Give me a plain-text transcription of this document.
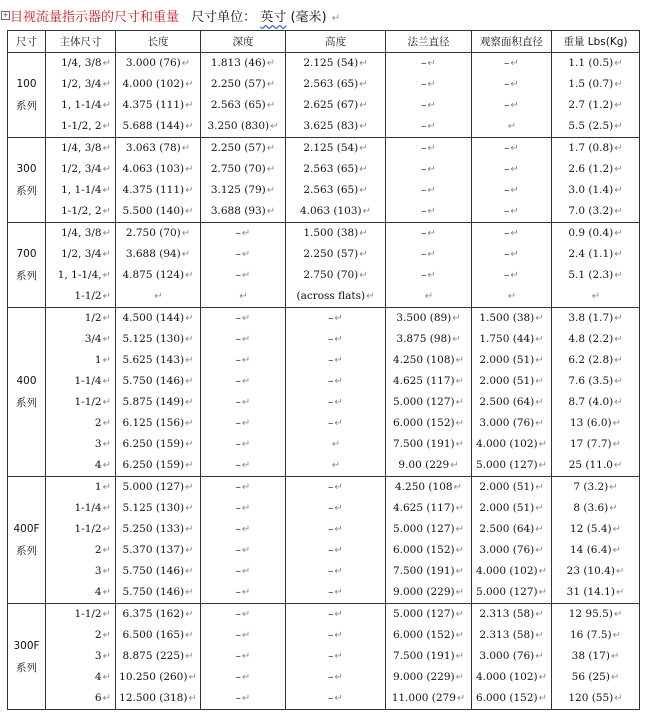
+ 目视流量指示器的尺寸和重量 尺寸单位： 英寸 (毫米) ↵
尺寸	主体尺寸	长度	深度	高度	法兰直径	观察面积直径	重量 Lbs(Kg)
100
系列	1/4, 3/8↵	3.000 (76)↵	1.813 (46)↵	2.125 (54)↵	–↵	–↵	1.1 (0.5)↵
	1/2, 3/4↵	4.000 (102)↵	2.250 (57)↵	2.563 (65)↵	–↵	–↵	1.5 (0.7)↵
	1, 1-1/4↵	4.375 (111)↵	2.563 (65)↵	2.625 (67)↵	–↵	–↵	2.7 (1.2)↵
	1-1/2, 2↵	5.688 (144)↵	3.250 (830)↵	3.625 (83)↵	–↵	↵	5.5 (2.5)↵
300
系列	1/4, 3/8↵	3.063 (78)↵	2.250 (57)↵	2.125 (54)↵	–↵	–↵	1.7 (0.8)↵
	1/2, 3/4↵	4.063 (103)↵	2.750 (70)↵	2.563 (65)↵	–↵	–↵	2.6 (1.2)↵
	1, 1-1/4↵	4.375 (111)↵	3.125 (79)↵	2.563 (65)↵	–↵	–↵	3.0 (1.4)↵
	1-1/2, 2↵	5.500 (140)↵	3.688 (93)↵	4.063 (103)↵	–↵	–↵	7.0 (3.2)↵
700
系列	1/4, 3/8↵	2.750 (70)↵	–↵	1.500 (38)↵	–↵	–↵	0.9 (0.4)↵
	1/2, 3/4↵	3.688 (94)↵	–↵	2.250 (57)↵	–↵	–↵	2.4 (1.1)↵
	1, 1-1/4,↵	4.875 (124)↵	–↵	2.750 (70)↵	–↵	–↵	5.1 (2.3)↵
	1-1/2↵	↵	↵	(across flats)↵	↵	↵	↵
400
系列	1/2↵	4.500 (144)↵	–↵	–↵	3.500 (89)↵	1.500 (38)↵	3.8 (1.7)↵
	3/4↵	5.125 (130)↵	–↵	–↵	3.875 (98)↵	1.750 (44)↵	4.8 (2.2)↵
	1↵	5.625 (143)↵	–↵	–↵	4.250 (108)↵	2.000 (51)↵	6.2 (2.8)↵
	1-1/4↵	5.750 (146)↵	–↵	–↵	4.625 (117)↵	2.000 (51)↵	7.6 (3.5)↵
	1-1/2↵	5.875 (149)↵	–↵	–↵	5.000 (127)↵	2.500 (64)↵	8.7 (4.0)↵
	2↵	6.125 (156)↵	–↵	–↵	6.000 (152)↵	3.000 (76)↵	13 (6.0)↵
	3↵	6.250 (159)↵	–↵	↵	7.500 (191)↵	4.000 (102)↵	17 (7.7)↵
	4↵	6.250 (159)↵	–↵	↵	9.00 (229↵	5.000 (127)↵	25 (11.0↵
400F
系列	1↵	5.000 (127)↵	–↵	–↵	4.250 (108↵	2.000 (51)↵	7 (3.2)↵
	1-1/4↵	5.125 (130)↵	–↵	–↵	4.625 (117)↵	2.000 (51)↵	8 (3.6)↵
	1-1/2↵	5.250 (133)↵	–↵	–↵	5.000 (127)↵	2.500 (64)↵	12 (5.4)↵
	2↵	5.370 (137)↵	–↵	–↵	6.000 (152)↵	3.000 (76)↵	14 (6.4)↵
	3↵	5.750 (146)↵	–↵	–↵	7.500 (191)↵	4.000 (102)↵	23 (10.4)↵
	4↵	5.750 (146)↵	–↵	–↵	9.000 (229)↵	5.000 (127)↵	31 (14.1)↵
300F
系列	1-1/2↵	6.375 (162)↵	–↵	–↵	5.000 (127)↵	2.313 (58)↵	12 95.5)↵
	2↵	6.500 (165)↵	–↵	–↵	6.000 (152)↵	2.313 (58)↵	16 (7.5)↵
	3↵	8.875 (225)↵	–↵	–↵	7.500 (191)↵	3.000 (76)↵	38 (17)↵
	4↵	10.250 (260)↵	–↵	–↵	9.000 (229)↵	4.000 (102)↵	56 (25)↵
	6↵	12.500 (318)↵	–↵	–↵	11.000 (279↵	6.000 (152)↵	120 (55)↵
